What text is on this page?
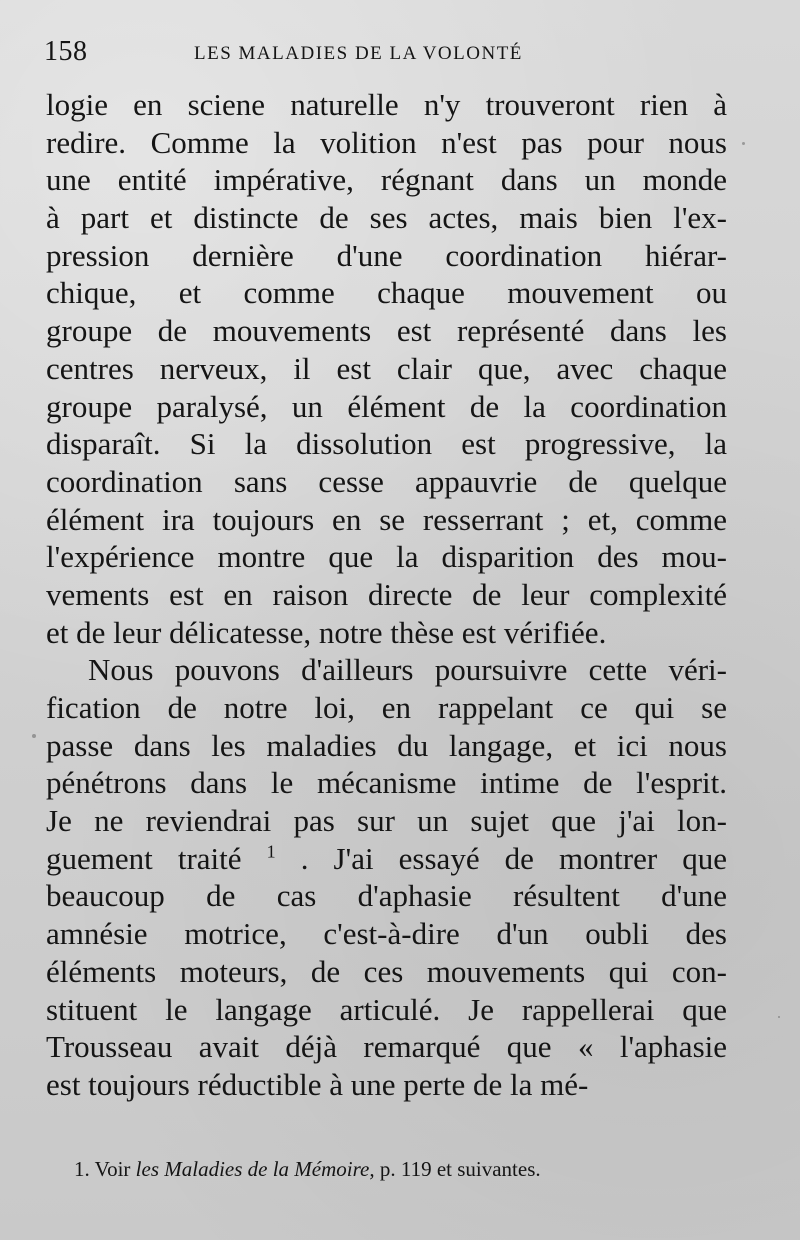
158	LES MALADIES DE LA VOLONTÉ
logie en sciene naturelle n'y trouveront rien à
redire. Comme la volition n'est pas pour nous
une entité impérative, régnant dans un monde
à part et distincte de ses actes, mais bien l'ex-
pression dernière d'une coordination hiérar-
chique, et comme chaque mouvement ou
groupe de mouvements est représenté dans les
centres nerveux, il est clair que, avec chaque
groupe paralysé, un élément de la coordination
disparaît. Si la dissolution est progressive, la
coordination sans cesse appauvrie de quelque
élément ira toujours en se resserrant ; et, comme
l'expérience montre que la disparition des mou-
vements est en raison directe de leur complexité
et de leur délicatesse, notre thèse est vérifiée.
Nous pouvons d'ailleurs poursuivre cette véri-
fication de notre loi, en rappelant ce qui se
passe dans les maladies du langage, et ici nous
pénétrons dans le mécanisme intime de l'esprit.
Je ne reviendrai pas sur un sujet que j'ai lon-
guement traité $^1$ . J'ai essayé de montrer que
beaucoup de cas d'aphasie résultent d'une
amnésie motrice, c'est-à-dire d'un oubli des
éléments moteurs, de ces mouvements qui con-
stituent le langage articulé. Je rappellerai que
Trousseau avait déjà remarqué que « l'aphasie
est toujours réductible à une perte de la mé-
1. Voir les Maladies de la Mémoire, p. 119 et suivantes.
